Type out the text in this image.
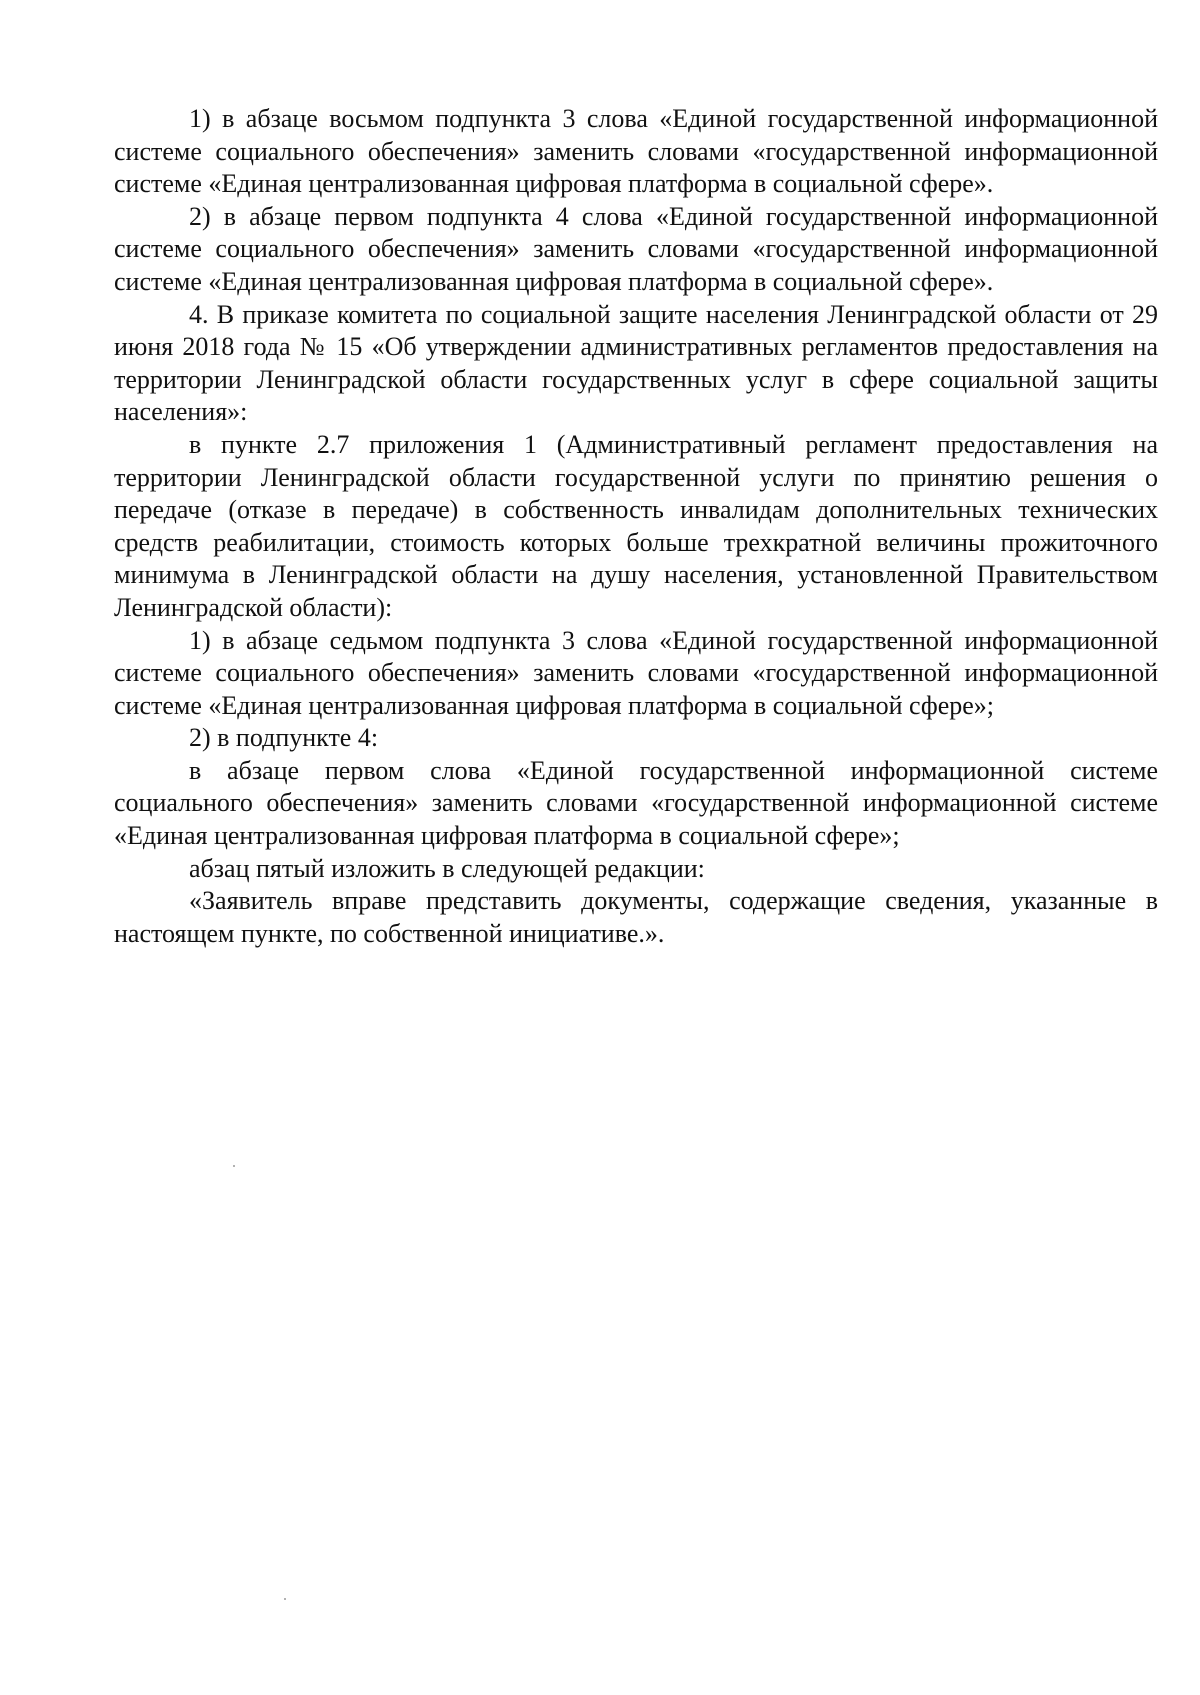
1) в абзаце восьмом подпункта 3 слова «Единой государственной информационной системе социального обеспечения» заменить словами «государственной информационной системе «Единая централизованная цифровая платформа в социальной сфере».

2) в абзаце первом подпункта 4 слова «Единой государственной информационной системе социального обеспечения» заменить словами «государственной информационной системе «Единая централизованная цифровая платформа в социальной сфере».

4. В приказе комитета по социальной защите населения Ленинградской области от 29 июня 2018 года № 15 «Об утверждении административных регламентов предоставления на территории Ленинградской области государственных услуг в сфере социальной защиты населения»:

в пункте 2.7 приложения 1 (Административный регламент предоставления на территории Ленинградской области государственной услуги по принятию решения о передаче (отказе в передаче) в собственность инвалидам дополнительных технических средств реабилитации, стоимость которых больше трехкратной величины прожиточного минимума в Ленинградской области на душу населения, установленной Правительством Ленинградской области):

1) в абзаце седьмом подпункта 3 слова «Единой государственной информационной системе социального обеспечения» заменить словами «государственной информационной системе «Единая централизованная цифровая платформа в социальной сфере»;

2) в подпункте 4:

в абзаце первом слова «Единой государственной информационной системе социального обеспечения» заменить словами «государственной информационной системе «Единая централизованная цифровая платформа в социальной сфере»;

абзац пятый изложить в следующей редакции:

«Заявитель вправе представить документы, содержащие сведения, указанные в настоящем пункте, по собственной инициативе.».
